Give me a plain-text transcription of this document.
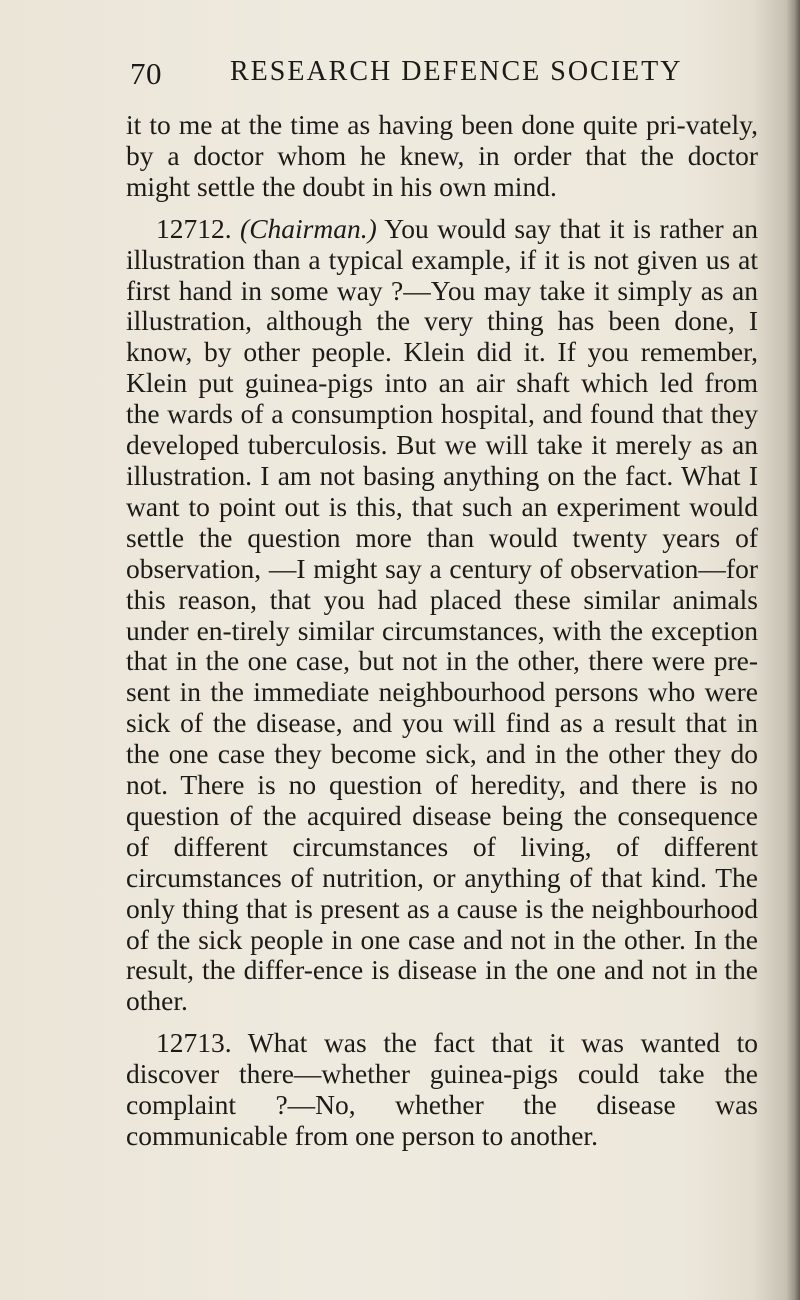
70 RESEARCH DEFENCE SOCIETY

it to me at the time as having been done quite pri-vately, by a doctor whom he knew, in order that the doctor might settle the doubt in his own mind.

12712. (Chairman.) You would say that it is rather an illustration than a typical example, if it is not given us at first hand in some way ?—You may take it simply as an illustration, although the very thing has been done, I know, by other people. Klein did it. If you remember, Klein put guinea-pigs into an air shaft which led from the wards of a consumption hospital, and found that they developed tuberculosis. But we will take it merely as an illustration. I am not basing anything on the fact. What I want to point out is this, that such an experiment would settle the question more than would twenty years of observation, —I might say a century of observation—for this reason, that you had placed these similar animals under en-tirely similar circumstances, with the exception that in the one case, but not in the other, there were pre-sent in the immediate neighbourhood persons who were sick of the disease, and you will find as a result that in the one case they become sick, and in the other they do not. There is no question of heredity, and there is no question of the acquired disease being the consequence of different circumstances of living, of different circumstances of nutrition, or anything of that kind. The only thing that is present as a cause is the neighbourhood of the sick people in one case and not in the other. In the result, the differ-ence is disease in the one and not in the other.

12713. What was the fact that it was wanted to discover there—whether guinea-pigs could take the complaint ?—No, whether the disease was communicable from one person to another.
